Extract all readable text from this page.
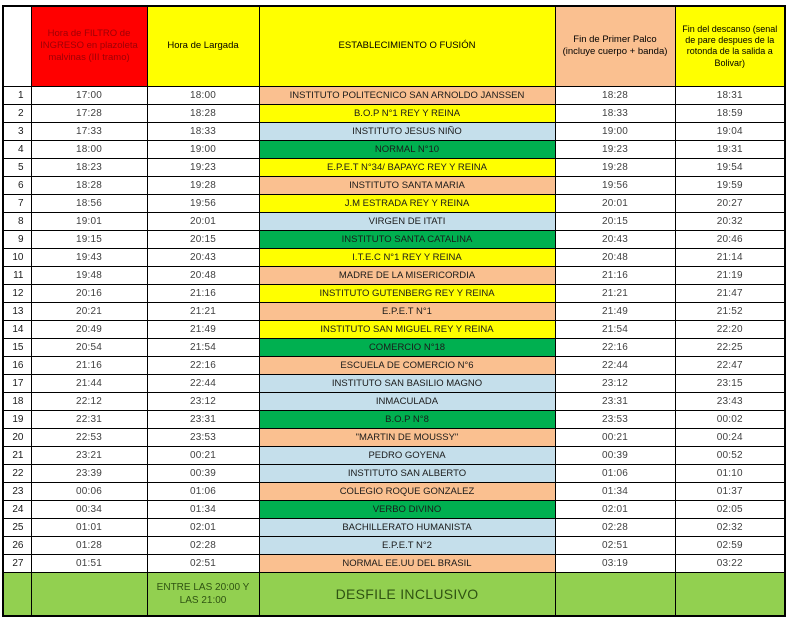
	Hora de FILTRO de INGRESO en plazoleta malvinas (III tramo)	Hora de Largada	ESTABLECIMIENTO O FUSIÓN	Fin de Primer Palco (incluye cuerpo + banda)	Fin del descanso (senal de pare despues de la rotonda de la salida a Bolivar)
1	17:00	18:00	INSTITUTO POLITECNICO SAN ARNOLDO JANSSEN	18:28	18:31
2	17:28	18:28	B.O.P N°1 REY Y REINA	18:33	18:59
3	17:33	18:33	INSTITUTO JESUS NIÑO	19:00	19:04
4	18:00	19:00	NORMAL N°10	19:23	19:31
5	18:23	19:23	E.P.E.T N°34/ BAPAYC REY Y REINA	19:28	19:54
6	18:28	19:28	INSTITUTO SANTA MARIA	19:56	19:59
7	18:56	19:56	J.M ESTRADA REY Y REINA	20:01	20:27
8	19:01	20:01	VIRGEN DE ITATI	20:15	20:32
9	19:15	20:15	INSTITUTO SANTA CATALINA	20:43	20:46
10	19:43	20:43	I.T.E.C N°1 REY Y REINA	20:48	21:14
11	19:48	20:48	MADRE DE LA MISERICORDIA	21:16	21:19
12	20:16	21:16	INSTITUTO GUTENBERG REY Y REINA	21:21	21:47
13	20:21	21:21	E.P.E.T N°1	21:49	21:52
14	20:49	21:49	INSTITUTO SAN MIGUEL REY Y REINA	21:54	22:20
15	20:54	21:54	COMERCIO N°18	22:16	22:25
16	21:16	22:16	ESCUELA DE COMERCIO N°6	22:44	22:47
17	21:44	22:44	INSTITUTO SAN BASILIO MAGNO	23:12	23:15
18	22:12	23:12	INMACULADA	23:31	23:43
19	22:31	23:31	B.O.P N°8	23:53	00:02
20	22:53	23:53	"MARTIN DE MOUSSY"	00:21	00:24
21	23:21	00:21	PEDRO GOYENA	00:39	00:52
22	23:39	00:39	INSTITUTO SAN ALBERTO	01:06	01:10
23	00:06	01:06	COLEGIO ROQUE GONZALEZ	01:34	01:37
24	00:34	01:34	VERBO DIVINO	02:01	02:05
25	01:01	02:01	BACHILLERATO HUMANISTA	02:28	02:32
26	01:28	02:28	E.P.E.T N°2	02:51	02:59
27	01:51	02:51	NORMAL EE.UU DEL BRASIL	03:19	03:22
		ENTRE LAS 20:00 Y LAS 21:00	DESFILE INCLUSIVO		
